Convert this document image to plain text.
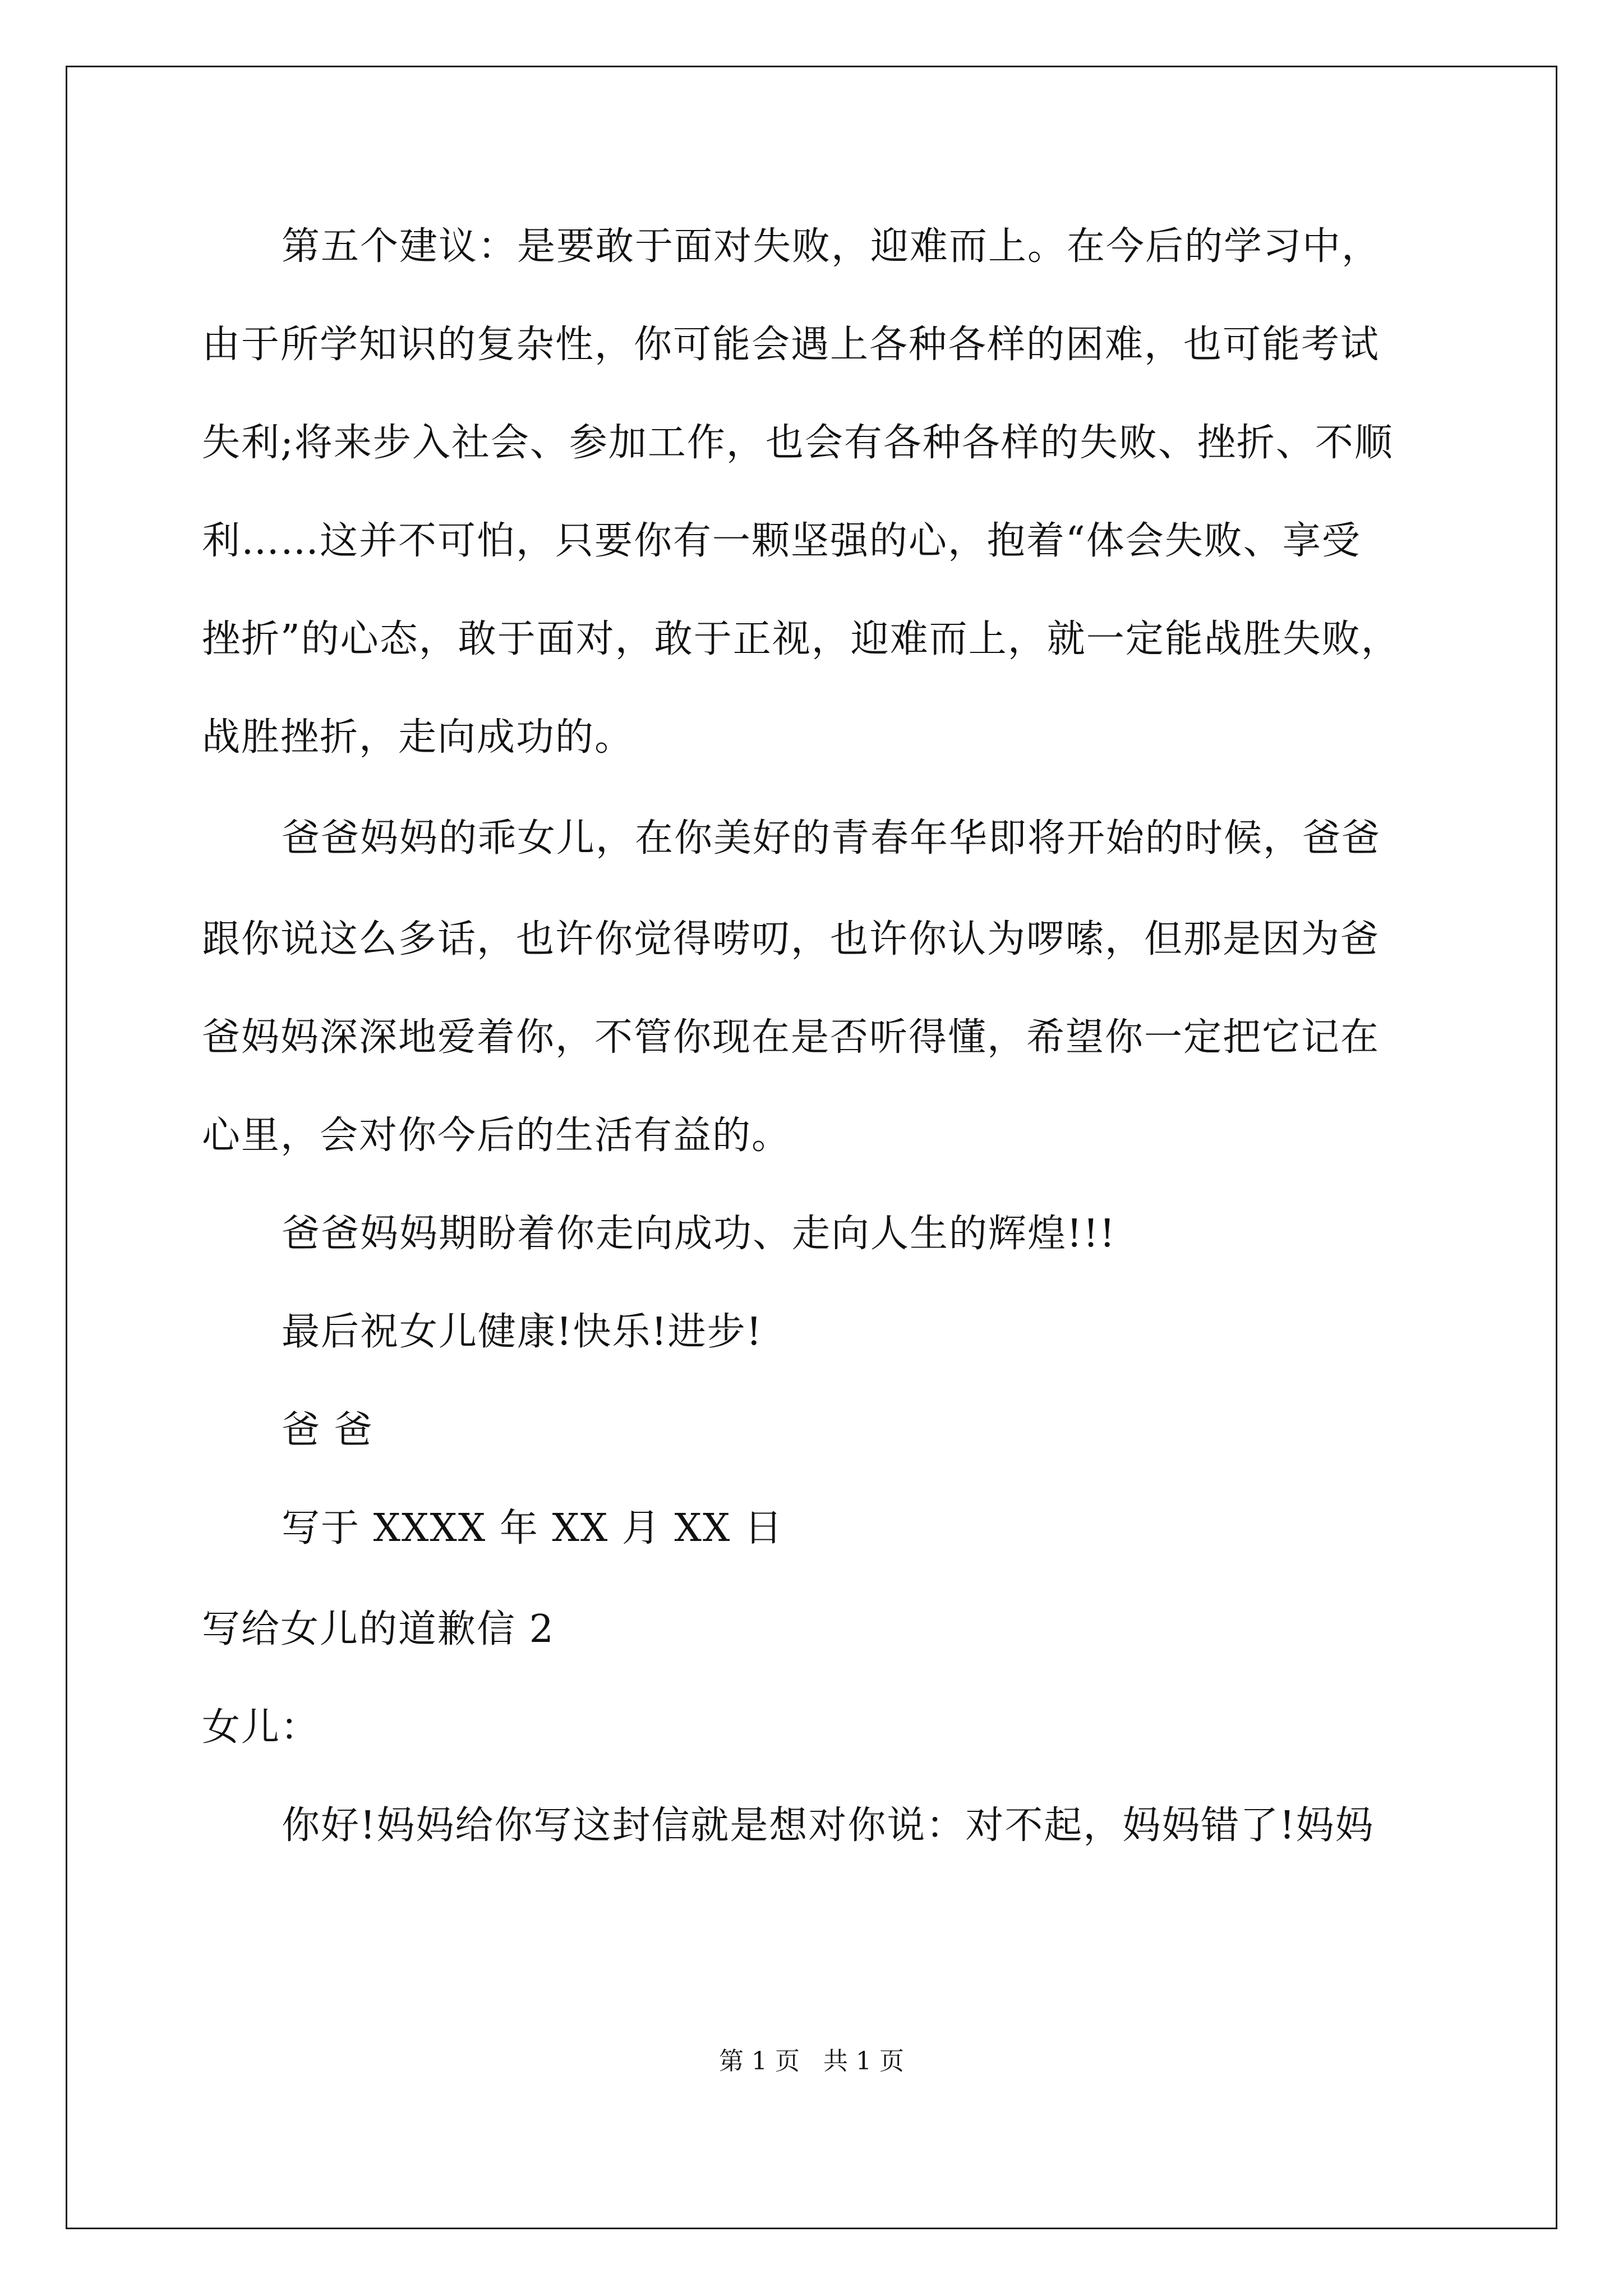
第五个建议：是要敢于面对失败，迎难而上。在今后的学习中，
由于所学知识的复杂性，你可能会遇上各种各样的困难，也可能考试
失利;将来步入社会、参加工作，也会有各种各样的失败、挫折、不顺
利……这并不可怕，只要你有一颗坚强的心，抱着“体会失败、享受
挫折”的心态，敢于面对，敢于正视，迎难而上，就一定能战胜失败，
战胜挫折，走向成功的。
爸爸妈妈的乖女儿，在你美好的青春年华即将开始的时候，爸爸
跟你说这么多话，也许你觉得唠叨，也许你认为啰嗦，但那是因为爸
爸妈妈深深地爱着你，不管你现在是否听得懂，希望你一定把它记在
心里，会对你今后的生活有益的。
爸爸妈妈期盼着你走向成功、走向人生的辉煌!!!
最后祝女儿健康!快乐!进步!
爸 爸
写于 XXXX 年 XX 月 XX 日
写给女儿的道歉信 2
女儿：
你好!妈妈给你写这封信就是想对你说：对不起，妈妈错了!妈妈
第 1 页   共 1 页
